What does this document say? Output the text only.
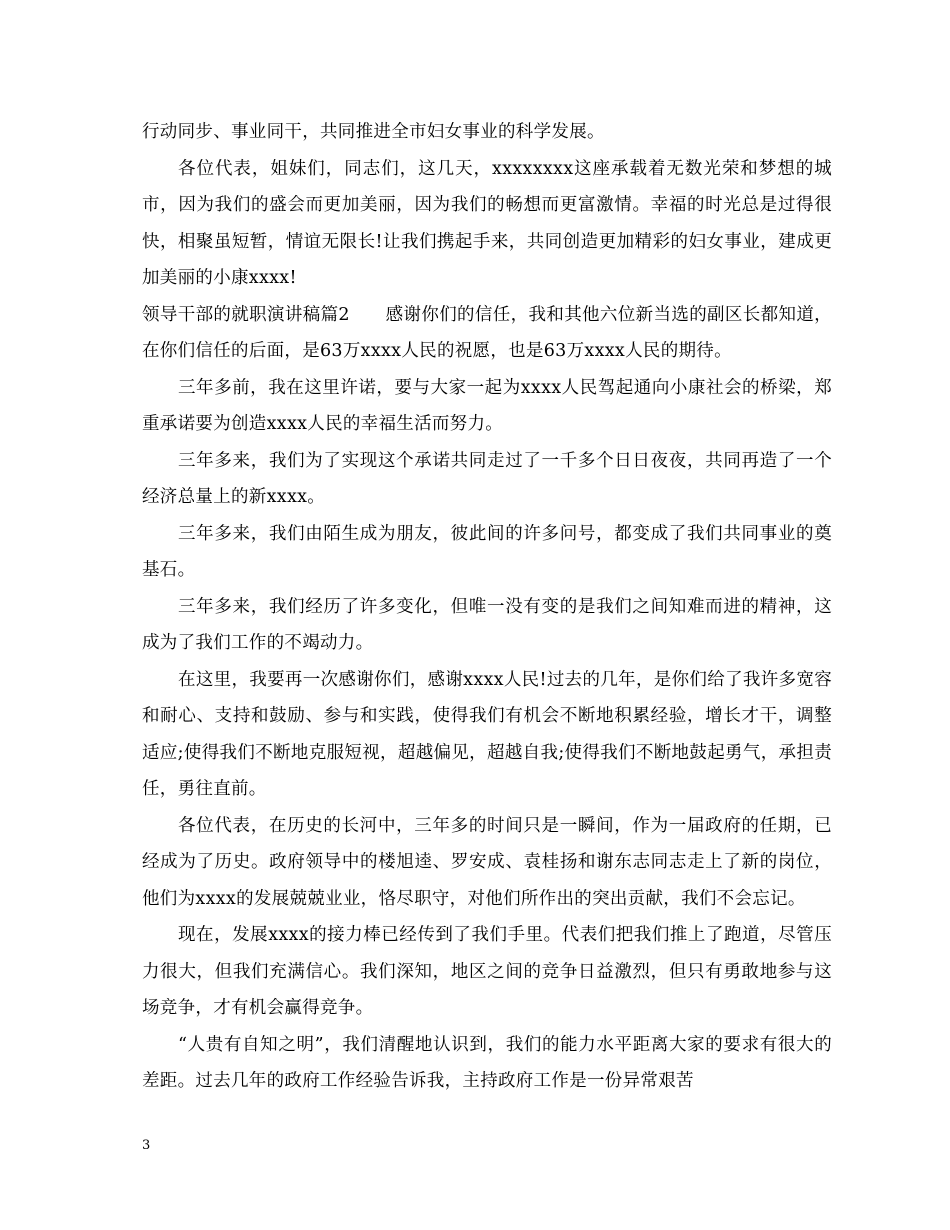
行动同步、事业同干，共同推进全市妇女事业的科学发展。

各位代表，姐妹们，同志们，这几天，xxxxxxxx这座承载着无数光荣和梦想的城市，因为我们的盛会而更加美丽，因为我们的畅想而更富激情。幸福的时光总是过得很快，相聚虽短暂，情谊无限长!让我们携起手来，共同创造更加精彩的妇女事业，建成更加美丽的小康xxxx!

领导干部的就职演讲稿篇2　　感谢你们的信任，我和其他六位新当选的副区长都知道，在你们信任的后面，是63万xxxx人民的祝愿，也是63万xxxx人民的期待。

三年多前，我在这里许诺，要与大家一起为xxxx人民驾起通向小康社会的桥梁，郑重承诺要为创造xxxx人民的幸福生活而努力。

三年多来，我们为了实现这个承诺共同走过了一千多个日日夜夜，共同再造了一个经济总量上的新xxxx。

三年多来，我们由陌生成为朋友，彼此间的许多问号，都变成了我们共同事业的奠基石。

三年多来，我们经历了许多变化，但唯一没有变的是我们之间知难而进的精神，这成为了我们工作的不竭动力。

在这里，我要再一次感谢你们，感谢xxxx人民!过去的几年，是你们给了我许多宽容和耐心、支持和鼓励、参与和实践，使得我们有机会不断地积累经验，增长才干，调整适应;使得我们不断地克服短视，超越偏见，超越自我;使得我们不断地鼓起勇气，承担责任，勇往直前。

各位代表，在历史的长河中，三年多的时间只是一瞬间，作为一届政府的任期，已经成为了历史。政府领导中的楼旭逵、罗安成、袁桂扬和谢东志同志走上了新的岗位，他们为xxxx的发展兢兢业业，恪尽职守，对他们所作出的突出贡献，我们不会忘记。

现在，发展xxxx的接力棒已经传到了我们手里。代表们把我们推上了跑道，尽管压力很大，但我们充满信心。我们深知，地区之间的竞争日益激烈，但只有勇敢地参与这场竞争，才有机会赢得竞争。

“人贵有自知之明”，我们清醒地认识到，我们的能力水平距离大家的要求有很大的差距。过去几年的政府工作经验告诉我，主持政府工作是一份异常艰苦

3
